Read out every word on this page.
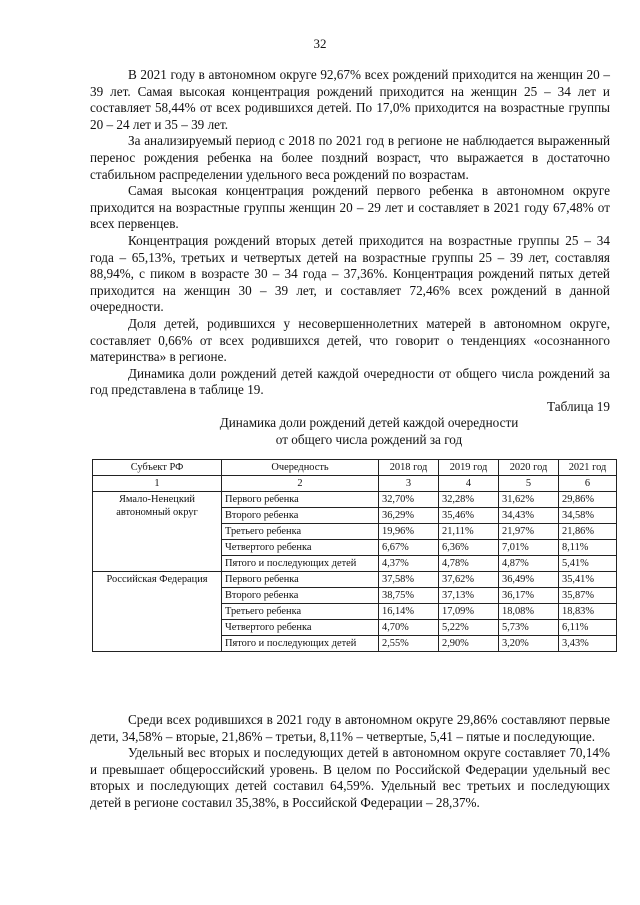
32

В 2021 году в автономном округе 92,67% всех рождений приходится на женщин 20 – 39 лет. Самая высокая концентрация рождений приходится на женщин 25 – 34 лет и составляет 58,44% от всех родившихся детей. По 17,0% приходится на возрастные группы 20 – 24 лет и 35 – 39 лет.

За анализируемый период с 2018 по 2021 год в регионе не наблюдается выраженный перенос рождения ребенка на более поздний возраст, что выражается в достаточно стабильном распределении удельного веса рождений по возрастам.

Самая высокая концентрация рождений первого ребенка в автономном округе приходится на возрастные группы женщин 20 – 29 лет и составляет в 2021 году 67,48% от всех первенцев.

Концентрация рождений вторых детей приходится на возрастные группы 25 – 34 года – 65,13%, третьих и четвертых детей на возрастные группы 25 – 39 лет, составляя 88,94%, с пиком в возрасте 30 – 34 года – 37,36%. Концентрация рождений пятых детей приходится на женщин 30 – 39 лет, и составляет 72,46% всех рождений в данной очередности.

Доля детей, родившихся у несовершеннолетних матерей в автономном округе, составляет 0,66% от всех родившихся детей, что говорит о тенденциях «осознанного материнства» в регионе.

Динамика доли рождений детей каждой очередности от общего числа рождений за год представлена в таблице 19.

Таблица 19

Динамика доли рождений детей каждой очередности

от общего числа рождений за год

Субъект РФ	Очередность	2018 год	2019 год	2020 год	2021 год
1	2	3	4	5	6
Ямало-Ненецкий автономный округ	Первого ребенка	32,70%	32,28%	31,62%	29,86%
	Второго ребенка	36,29%	35,46%	34,43%	34,58%
	Третьего ребенка	19,96%	21,11%	21,97%	21,86%
	Четвертого ребенка	6,67%	6,36%	7,01%	8,11%
	Пятого и последующих детей	4,37%	4,78%	4,87%	5,41%
Российская Федерация	Первого ребенка	37,58%	37,62%	36,49%	35,41%
	Второго ребенка	38,75%	37,13%	36,17%	35,87%
	Третьего ребенка	16,14%	17,09%	18,08%	18,83%
	Четвертого ребенка	4,70%	5,22%	5,73%	6,11%
	Пятого и последующих детей	2,55%	2,90%	3,20%	3,43%

Среди всех родившихся в 2021 году в автономном округе 29,86% составляют первые дети, 34,58% – вторые, 21,86% – третьи, 8,11% – четвертые, 5,41 – пятые и последующие.

Удельный вес вторых и последующих детей в автономном округе составляет 70,14% и превышает общероссийский уровень. В целом по Российской Федерации удельный вес вторых и последующих детей составил 64,59%. Удельный вес третьих и последующих детей в регионе составил 35,38%, в Российской Федерации – 28,37%.
